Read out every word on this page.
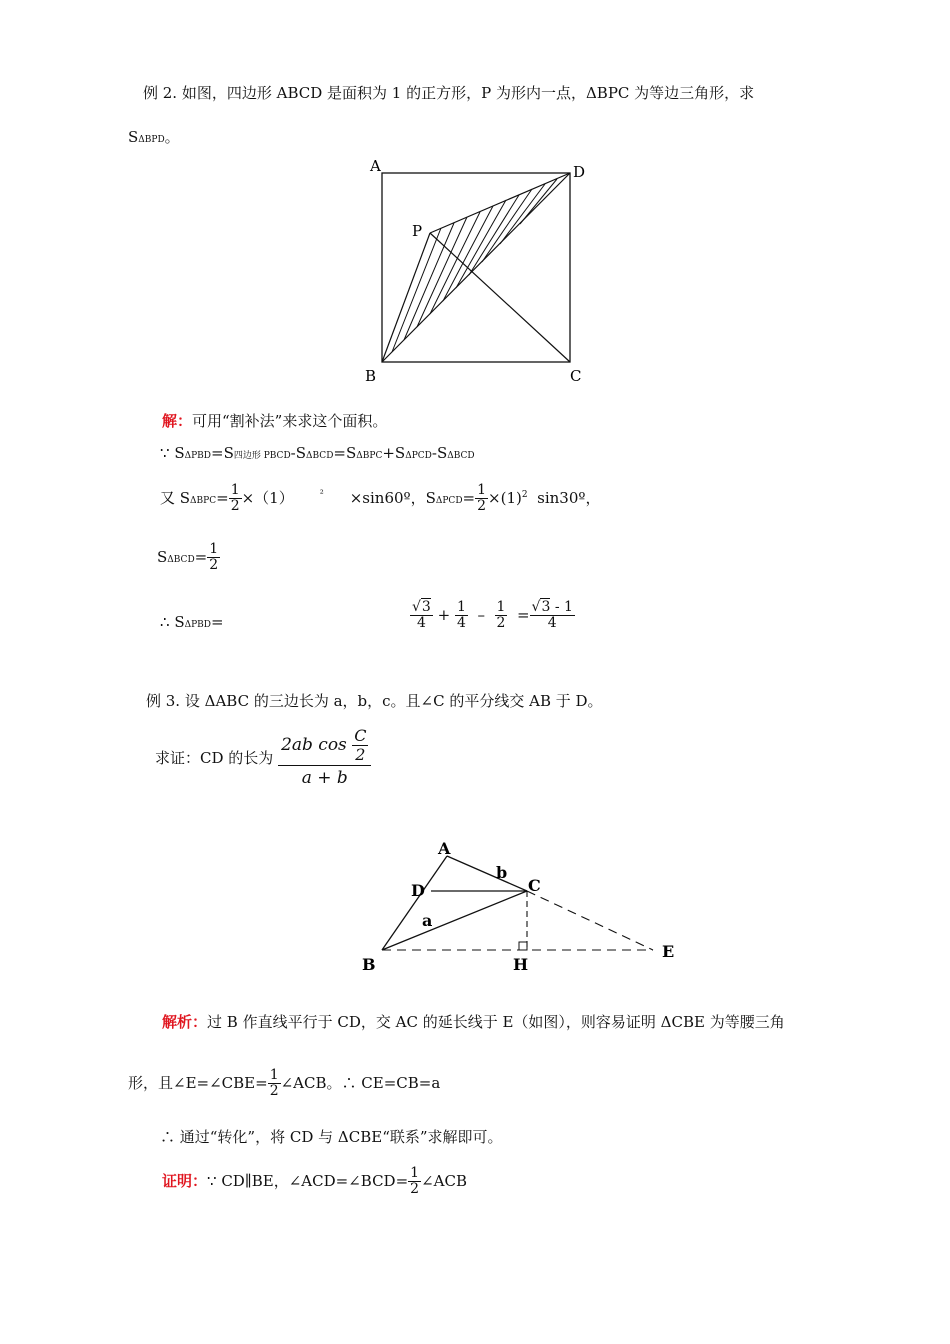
例 2. 如图，四边形 ABCD 是面积为 1 的正方形，P 为形内一点，ΔBPC 为等边三角形，求
SΔBPD。
A	D
P
B	C
解：可用“割补法”来求这个面积。
∵ SΔPBD=S四边形 PBCD-SΔBCD=SΔBPC+SΔPCD-SΔBCD
又 $S\Delta BPC= \frac{1}{2} \times(1)$	² ×sin60º，$S\Delta PCD= \frac{1}{2} \times(1)^2$ sin30º，
$S\Delta BCD= \frac{1}{2}$
∴ SΔPBD=	$\frac{√3}{4} + \frac{1}{4} - \frac{1}{2} = \frac{√3 - 1}{4}$
例 3. 设 ΔABC 的三边长为 a，b，c。且∠C 的平分线交 AB 于 D。
求证：CD 的长为 $\frac{2ab \cos \frac{C}{2}}{a + b}$
A
b
C
D
a
B	H
E
解析：过 B 作直线平行于 CD，交 AC 的延长线于 E（如图），则容易证明 ΔCBE 为等腰三角
形，且∠E=∠CBE= $\frac{1}{2}$ ∠ACB。∴ CE=CB=a
∴ 通过“转化”，将 CD 与 ΔCBE“联系”求解即可。
证明：∵ CD∥BE，∠ACD=∠BCD= $\frac{1}{2}$ ∠ACB
